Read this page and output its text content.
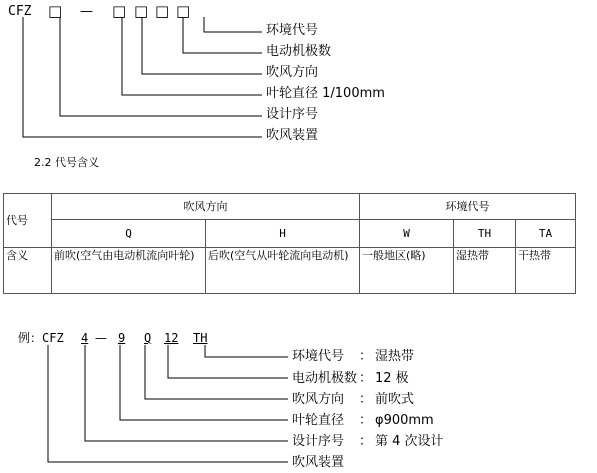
CFZ □ — □ □ □ □
环境代号
电动机极数
吹风方向
叶轮直径 1/100mm
设计序号
吹风装置
2.2 代号含义
代号	吹风方向		环境代号		
	Q	H	W	TH	TA
含义	前吹(空气由电动机流向叶轮)	后吹(空气从叶轮流向电动机)	一般地区(略)	湿热带	干热带
例：CFZ 4 — 9 Q 12 TH
环境代号 ： 湿热带
电动机极数 ： 12 极
吹风方向 ： 前吹式
叶轮直径 ： φ900mm
设计序号 ： 第 4 次设计
吹风装置
